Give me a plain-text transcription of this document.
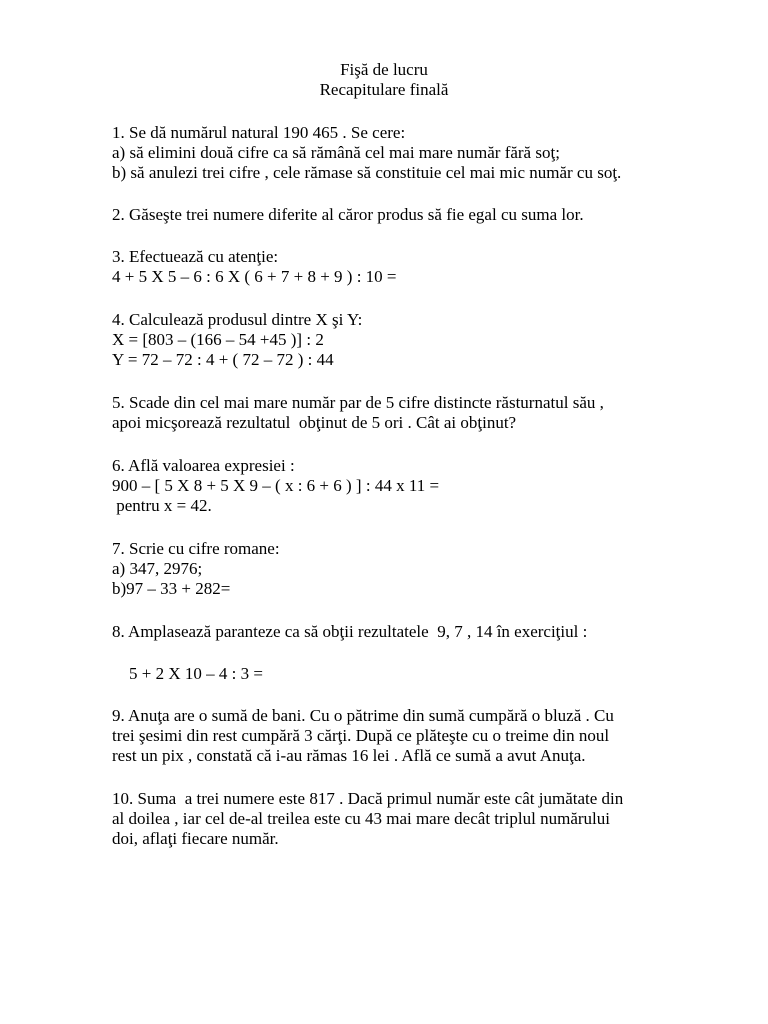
Fişă de lucru
Recapitulare finală
1. Se dă numărul natural 190 465 . Se cere:
a) să elimini două cifre ca să rămână cel mai mare număr fără soţ;
b) să anulezi trei cifre , cele rămase să constituie cel mai mic număr cu soţ.
2. Găseşte trei numere diferite al căror produs să fie egal cu suma lor.
3. Efectuează cu atenţie:
4 + 5 X 5 – 6 : 6 X ( 6 + 7 + 8 + 9 ) : 10 =
4. Calculează produsul dintre X şi Y:
X = [803 – (166 – 54 +45 )] : 2
Y = 72 – 72 : 4 + ( 72 – 72 ) : 44
5. Scade din cel mai mare număr par de 5 cifre distincte răsturnatul său ,
apoi micşorează rezultatul  obţinut de 5 ori . Cât ai obţinut?
6. Află valoarea expresiei :
900 – [ 5 X 8 + 5 X 9 – ( x : 6 + 6 ) ] : 44 x 11 =
pentru x = 42.
7. Scrie cu cifre romane:
a) 347, 2976;
b)97 – 33 + 282=
8. Amplasează paranteze ca să obţii rezultatele  9, 7 , 14 în exerciţiul :
5 + 2 X 10 – 4 : 3 =
9. Anuţa are o sumă de bani. Cu o pătrime din sumă cumpără o bluză . Cu
trei şesimi din rest cumpără 3 cărţi. După ce plăteşte cu o treime din noul
rest un pix , constată că i-au rămas 16 lei . Află ce sumă a avut Anuţa.
10. Suma  a trei numere este 817 . Dacă primul număr este cât jumătate din
al doilea , iar cel de-al treilea este cu 43 mai mare decât triplul numărului
doi, aflaţi fiecare număr.
